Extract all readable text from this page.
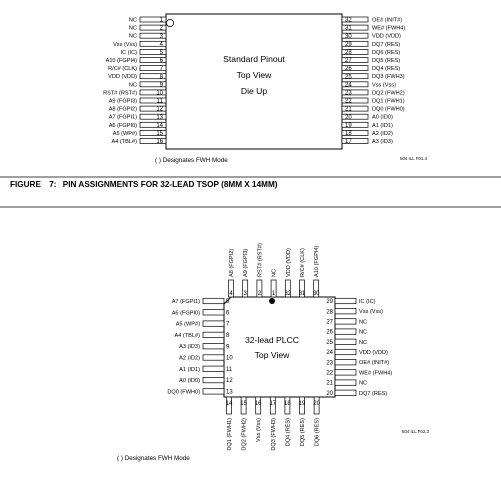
1
NC
2
NC
3
NC
4
Vss (Vss)
5
IC (IC)
6
A10 (FGPI4)
7
R/C# (CLK)
8
VDD (VDD)
9
NC
10
RST# (RST#)
11
A9 (FGPI3)
12
A8 (FGPI2)
13
A7 (FGPI1)
14
A6 (FGPI0)
15
A5 (WP#)
16
A4 (TBL#)
32	OE# (INIT#)
31	WE# (FWH4)
30	VDD (VDD)
29	DQ7 (RES)
28	DQ6 (RES)
27	DQ5 (RES)
26	DQ4 (RES)
25	DQ3 (FWH3)
24	Vss (Vss)
23	DQ2 (FWH2)
22	DQ1 (FWH1)
21	DQ0 (FWH0)
20	A0 (ID0)
19	A1 (ID1)
18	A2 (ID2)
17	A3 (ID3)
Standard Pinout
Top View
Die Up
( ) Designates FWH Mode	504 ILL F01.4
FIGURE 7: PIN ASSIGNMENTS FOR 32-LEAD TSOP (8MM X 14MM)
4
A8 (FGPI2)
3
A9 (FGPI3)
2
RST# (RST#)
1
NC
32
VDD (VDD)
31
R/C# (CLK)
30
A10 (FGPI4)
5
A7 (FGPI1)
6
A6 (FGPI0)
7
A5 (WP#)
8
A4 (TBL#)
9
A3 (ID3)
10
A2 (ID2)
11
A1 (ID1)
12
A0 (ID0)
13
DQ0 (FWH0)
29	IC (IC)
28	Vss (Vss)
27	NC
26	NC
25	NC
24	VDD (VDD)
23	OE# (INIT#)
22	WE# (FWH4)
21	NC
20	DQ7 (RES)
14
DQ1 (FWH1)
15
DQ2 (FWH2)
16
Vss (Vss)
17
DQ3 (FWH3)
18
DQ4 (RES)
19
DQ5 (RES)
20
DQ6 (RES)
32-lead PLCC
Top View
( ) Designates FWH Mode
504 ILL F02.3
